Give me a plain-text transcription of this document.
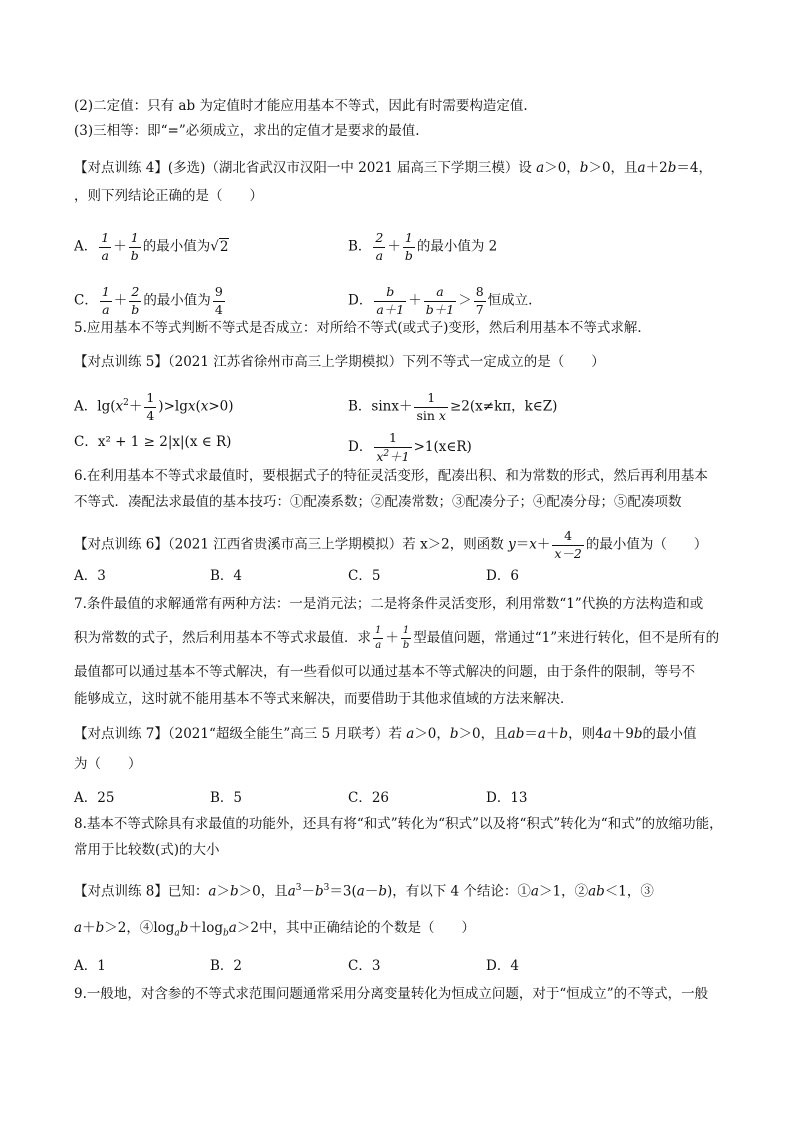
(2)二定值：只有 ab 为定值时才能应用基本不等式，因此有时需要构造定值.
(3)三相等：即“=”必须成立，求出的定值才是要求的最值.
【对点训练 4】(多选)（湖北省武汉市汉阳一中 2021 届高三下学期三模）设 a＞0，b＞0，且a＋2b＝4，
，则下列结论正确的是（　　）
A． $\frac{1}{a} + \frac{1}{b}$ 的最小值为√2	B． $\frac{2}{a} + \frac{1}{b}$ 的最小值为 2
C． $\frac{1}{a} + \frac{2}{b}$ 的最小值为 $\frac{9}{4}$	D． $\frac{b}{a+1} + \frac{a}{b+1} > \frac{8}{7}$ 恒成立.
5.应用基本不等式判断不等式是否成立：对所给不等式(或式子)变形，然后利用基本不等式求解．
【对点训练 5】（2021 江苏省徐州市高三上学期模拟）下列不等式一定成立的是（　　）
A．$\lg(x^2+ \frac{1}{4} )>\lg x(x>0)$	B．$\sin x+ \frac{1}{\text{sin x}} \ge 2(x\ne k\pi$，k∈Z)
C．x² + 1 ≥ 2|x|(x ∈ R)	D． $\frac{1}{x^2+1}$ >1(x∈R)
6.在利用基本不等式求最值时，要根据式子的特征灵活变形，配凑出积、和为常数的形式，然后再利用基本
不等式．凑配法求最值的基本技巧：①配凑系数；②配凑常数；③配凑分子；④配凑分母；⑤配凑项数
【对点训练 6】（2021 江西省贵溪市高三上学期模拟）若 x＞2，则函数 $y=x+ \frac{4}{x-2}$ 的最小值为（　　）
A．3	B．4	C．5	D．6
7.条件最值的求解通常有两种方法：一是消元法；二是将条件灵活变形，利用常数“1”代换的方法构造和或
积为常数的式子，然后利用基本不等式求最值．求 $\frac{1}{a} + \frac{1}{b}$ 型最值问题，常通过“1”来进行转化，但不是所有的
最值都可以通过基本不等式解决，有一些看似可以通过基本不等式解决的问题，由于条件的限制，等号不
能够成立，这时就不能用基本不等式来解决，而要借助于其他求值域的方法来解决．
【对点训练 7】（2021“超级全能生”高三 5 月联考）若 a＞0，b＞0，且ab＝a＋b，则4a＋9b的最小值
为（　　）
A．25	B．5	C．26	D．13
8.基本不等式除具有求最值的功能外，还具有将“和式”转化为“积式”以及将“积式”转化为“和式”的放缩功能，
常用于比较数(式)的大小
【对点训练 8】已知：a＞b＞0，且$a^3-b^3=3(a-b)$，有以下 4 个结论：①a＞1，②ab＜1，③
a＋b＞2，$④\log_ab+\log_ba>2$中，其中正确结论的个数是（　　）
A．1	B．2	C．3	D．4
9.一般地，对含参的不等式求范围问题通常采用分离变量转化为恒成立问题，对于“恒成立”的不等式，一般
